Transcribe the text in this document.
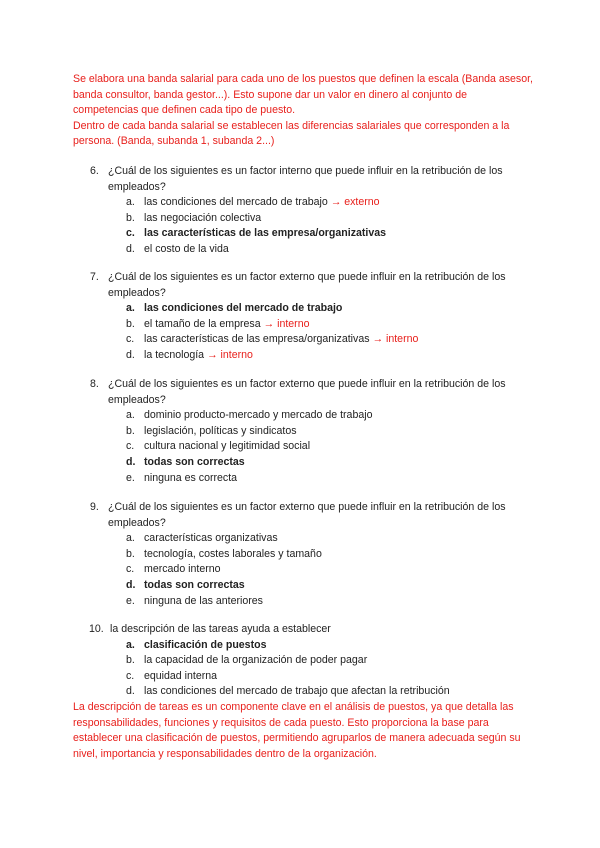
Se elabora una banda salarial para cada uno de los puestos que definen la escala (Banda asesor, banda consultor, banda gestor...). Esto supone dar un valor en dinero al conjunto de competencias que definen cada tipo de puesto.

Dentro de cada banda salarial se establecen las diferencias salariales que corresponden a la persona. (Banda, subanda 1, subanda 2...)

6. ¿Cuál de los siguientes es un factor interno que puede influir en la retribución de los empleados?
a. las condiciones del mercado de trabajo → externo
b. las negociación colectiva
c. las características de las empresa/organizativas
d. el costo de la vida
7. ¿Cuál de los siguientes es un factor externo que puede influir en la retribución de los empleados?
a. las condiciones del mercado de trabajo
b. el tamaño de la empresa → interno
c. las características de las empresa/organizativas → interno
d. la tecnología → interno
8. ¿Cuál de los siguientes es un factor externo que puede influir en la retribución de los empleados?
a. dominio producto-mercado y mercado de trabajo
b. legislación, políticas y sindicatos
c. cultura nacional y legitimidad social
d. todas son correctas
e. ninguna es correcta
9. ¿Cuál de los siguientes es un factor externo que puede influir en la retribución de los empleados?
a. características organizativas
b. tecnología, costes laborales y tamaño
c. mercado interno
d. todas son correctas
e. ninguna de las anteriores
10. la descripción de las tareas ayuda a establecer
a. clasificación de puestos
b. la capacidad de la organización de poder pagar
c. equidad interna
d. las condiciones del mercado de trabajo que afectan la retribución

La descripción de tareas es un componente clave en el análisis de puestos, ya que detalla las responsabilidades, funciones y requisitos de cada puesto. Esto proporciona la base para establecer una clasificación de puestos, permitiendo agruparlos de manera adecuada según su nivel, importancia y responsabilidades dentro de la organización.
